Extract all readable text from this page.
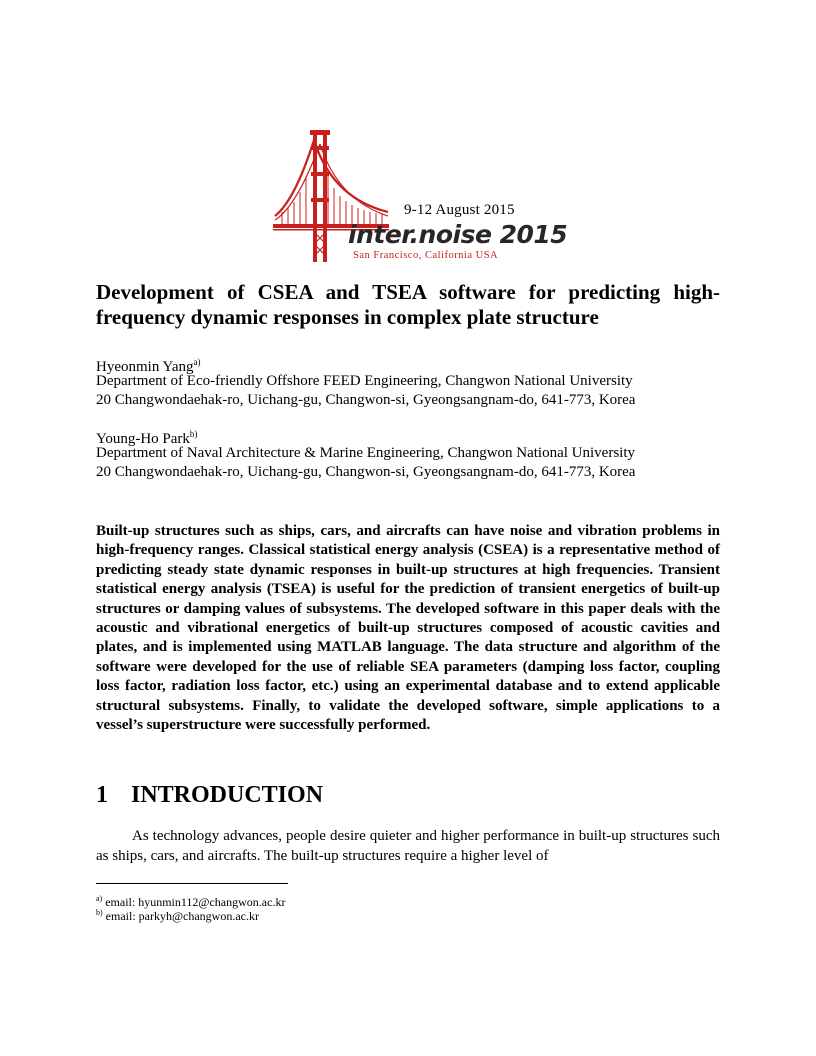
9-12 August 2015
inter.noise 2015
San Francisco, California USA
Development of CSEA and TSEA software for predicting high-frequency dynamic responses in complex plate structure
Hyeonmin Yang$^{a)}$
Department of Eco-friendly Offshore FEED Engineering, Changwon National University
20 Changwondaehak-ro, Uichang-gu, Changwon-si, Gyeongsangnam-do, 641-773, Korea
Young-Ho Park$^{b)}$
Department of Naval Architecture & Marine Engineering, Changwon National University
20 Changwondaehak-ro, Uichang-gu, Changwon-si, Gyeongsangnam-do, 641-773, Korea

Built-up structures such as ships, cars, and aircrafts can have noise and vibration problems in high-frequency ranges. Classical statistical energy analysis (CSEA) is a representative method of predicting steady state dynamic responses in built-up structures at high frequencies. Transient statistical energy analysis (TSEA) is useful for the prediction of transient energetics of built-up structures or damping values of subsystems. The developed software in this paper deals with the acoustic and vibrational energetics of built-up structures composed of acoustic cavities and plates, and is implemented using MATLAB language. The data structure and algorithm of the software were developed for the use of reliable SEA parameters (damping loss factor, coupling loss factor, radiation loss factor, etc.) using an experimental database and to extend applicable structural subsystems. Finally, to validate the developed software, simple applications to a vessel’s superstructure were successfully performed.

1 INTRODUCTION

As technology advances, people desire quieter and higher performance in built-up structures such as ships, cars, and aircrafts. The built-up structures require a higher level of

$^{a)}$ email: hyunmin112@changwon.ac.kr
$^{b)}$ email: parkyh@changwon.ac.kr
